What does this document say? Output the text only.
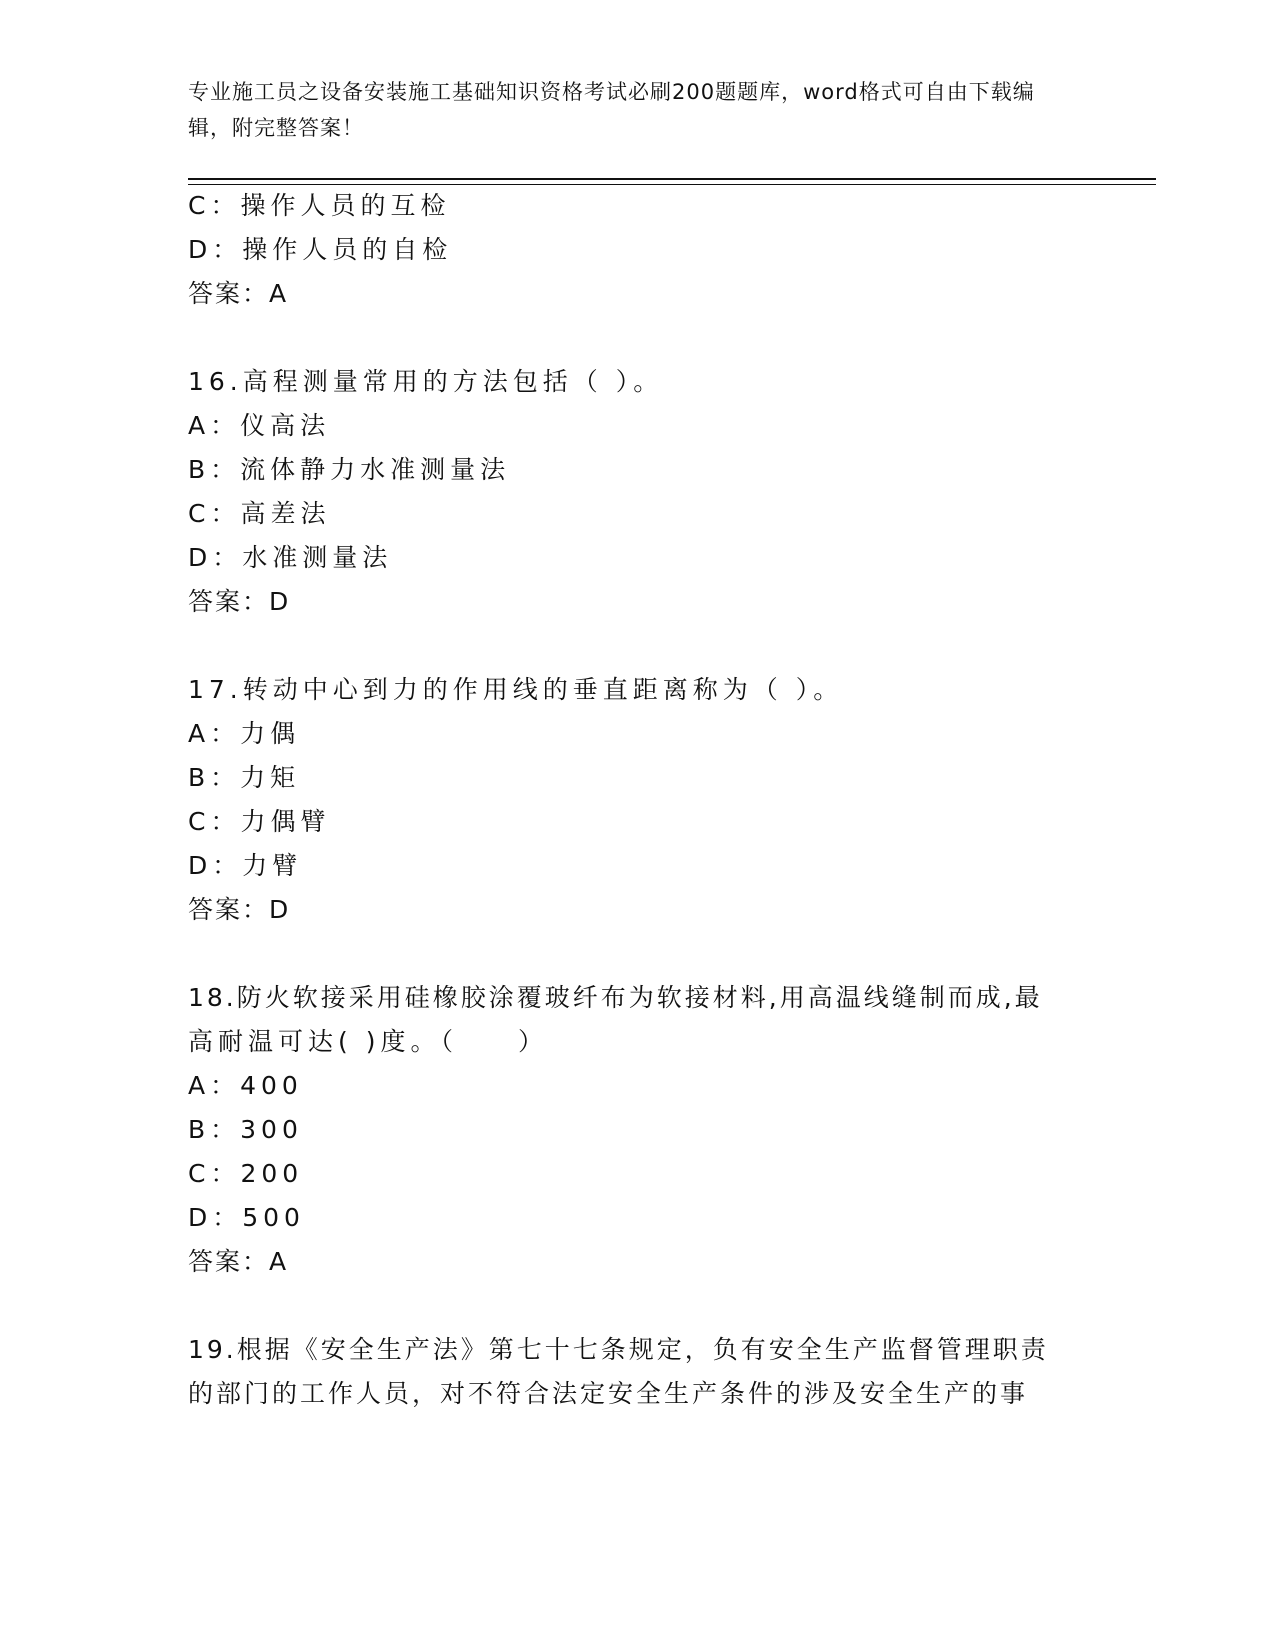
专业施工员之设备安装施工基础知识资格考试必刷200题题库，word格式可自由下载编辑，附完整答案！
C：操作人员的互检
D：操作人员的自检
答案：A
16.高程测量常用的方法包括（ ）。
A：仪高法
B：流体静力水准测量法
C：高差法
D：水准测量法
答案：D
17.转动中心到力的作用线的垂直距离称为（ ）。
A：力偶
B：力矩
C：力偶臂
D：力臂
答案：D
18.防火软接采用硅橡胶涂覆玻纤布为软接材料,用高温线缝制而成,最
高耐温可达( )度。（　　）
A：400
B：300
C：200
D：500
答案：A
19.根据《安全生产法》第七十七条规定，负有安全生产监督管理职责
的部门的工作人员，对不符合法定安全生产条件的涉及安全生产的事
